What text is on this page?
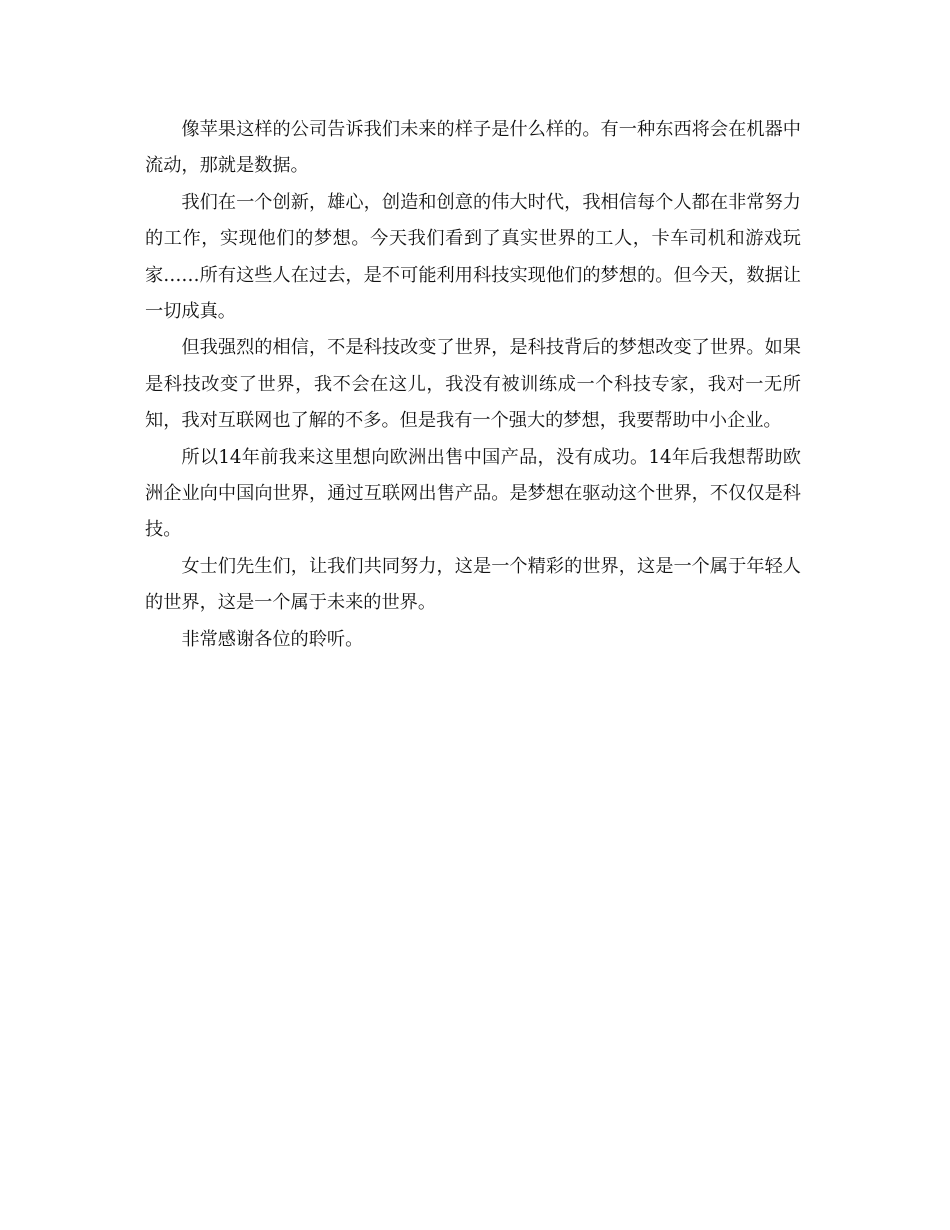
像苹果这样的公司告诉我们未来的样子是什么样的。有一种东西将会在机器中流动，那就是数据。

我们在一个创新，雄心，创造和创意的伟大时代，我相信每个人都在非常努力的工作，实现他们的梦想。今天我们看到了真实世界的工人，卡车司机和游戏玩家……所有这些人在过去，是不可能利用科技实现他们的梦想的。但今天，数据让一切成真。

但我强烈的相信，不是科技改变了世界，是科技背后的梦想改变了世界。如果是科技改变了世界，我不会在这儿，我没有被训练成一个科技专家，我对一无所知，我对互联网也了解的不多。但是我有一个强大的梦想，我要帮助中小企业。

所以14年前我来这里想向欧洲出售中国产品，没有成功。14年后我想帮助欧洲企业向中国向世界，通过互联网出售产品。是梦想在驱动这个世界，不仅仅是科技。

女士们先生们，让我们共同努力，这是一个精彩的世界，这是一个属于年轻人的世界，这是一个属于未来的世界。

非常感谢各位的聆听。
